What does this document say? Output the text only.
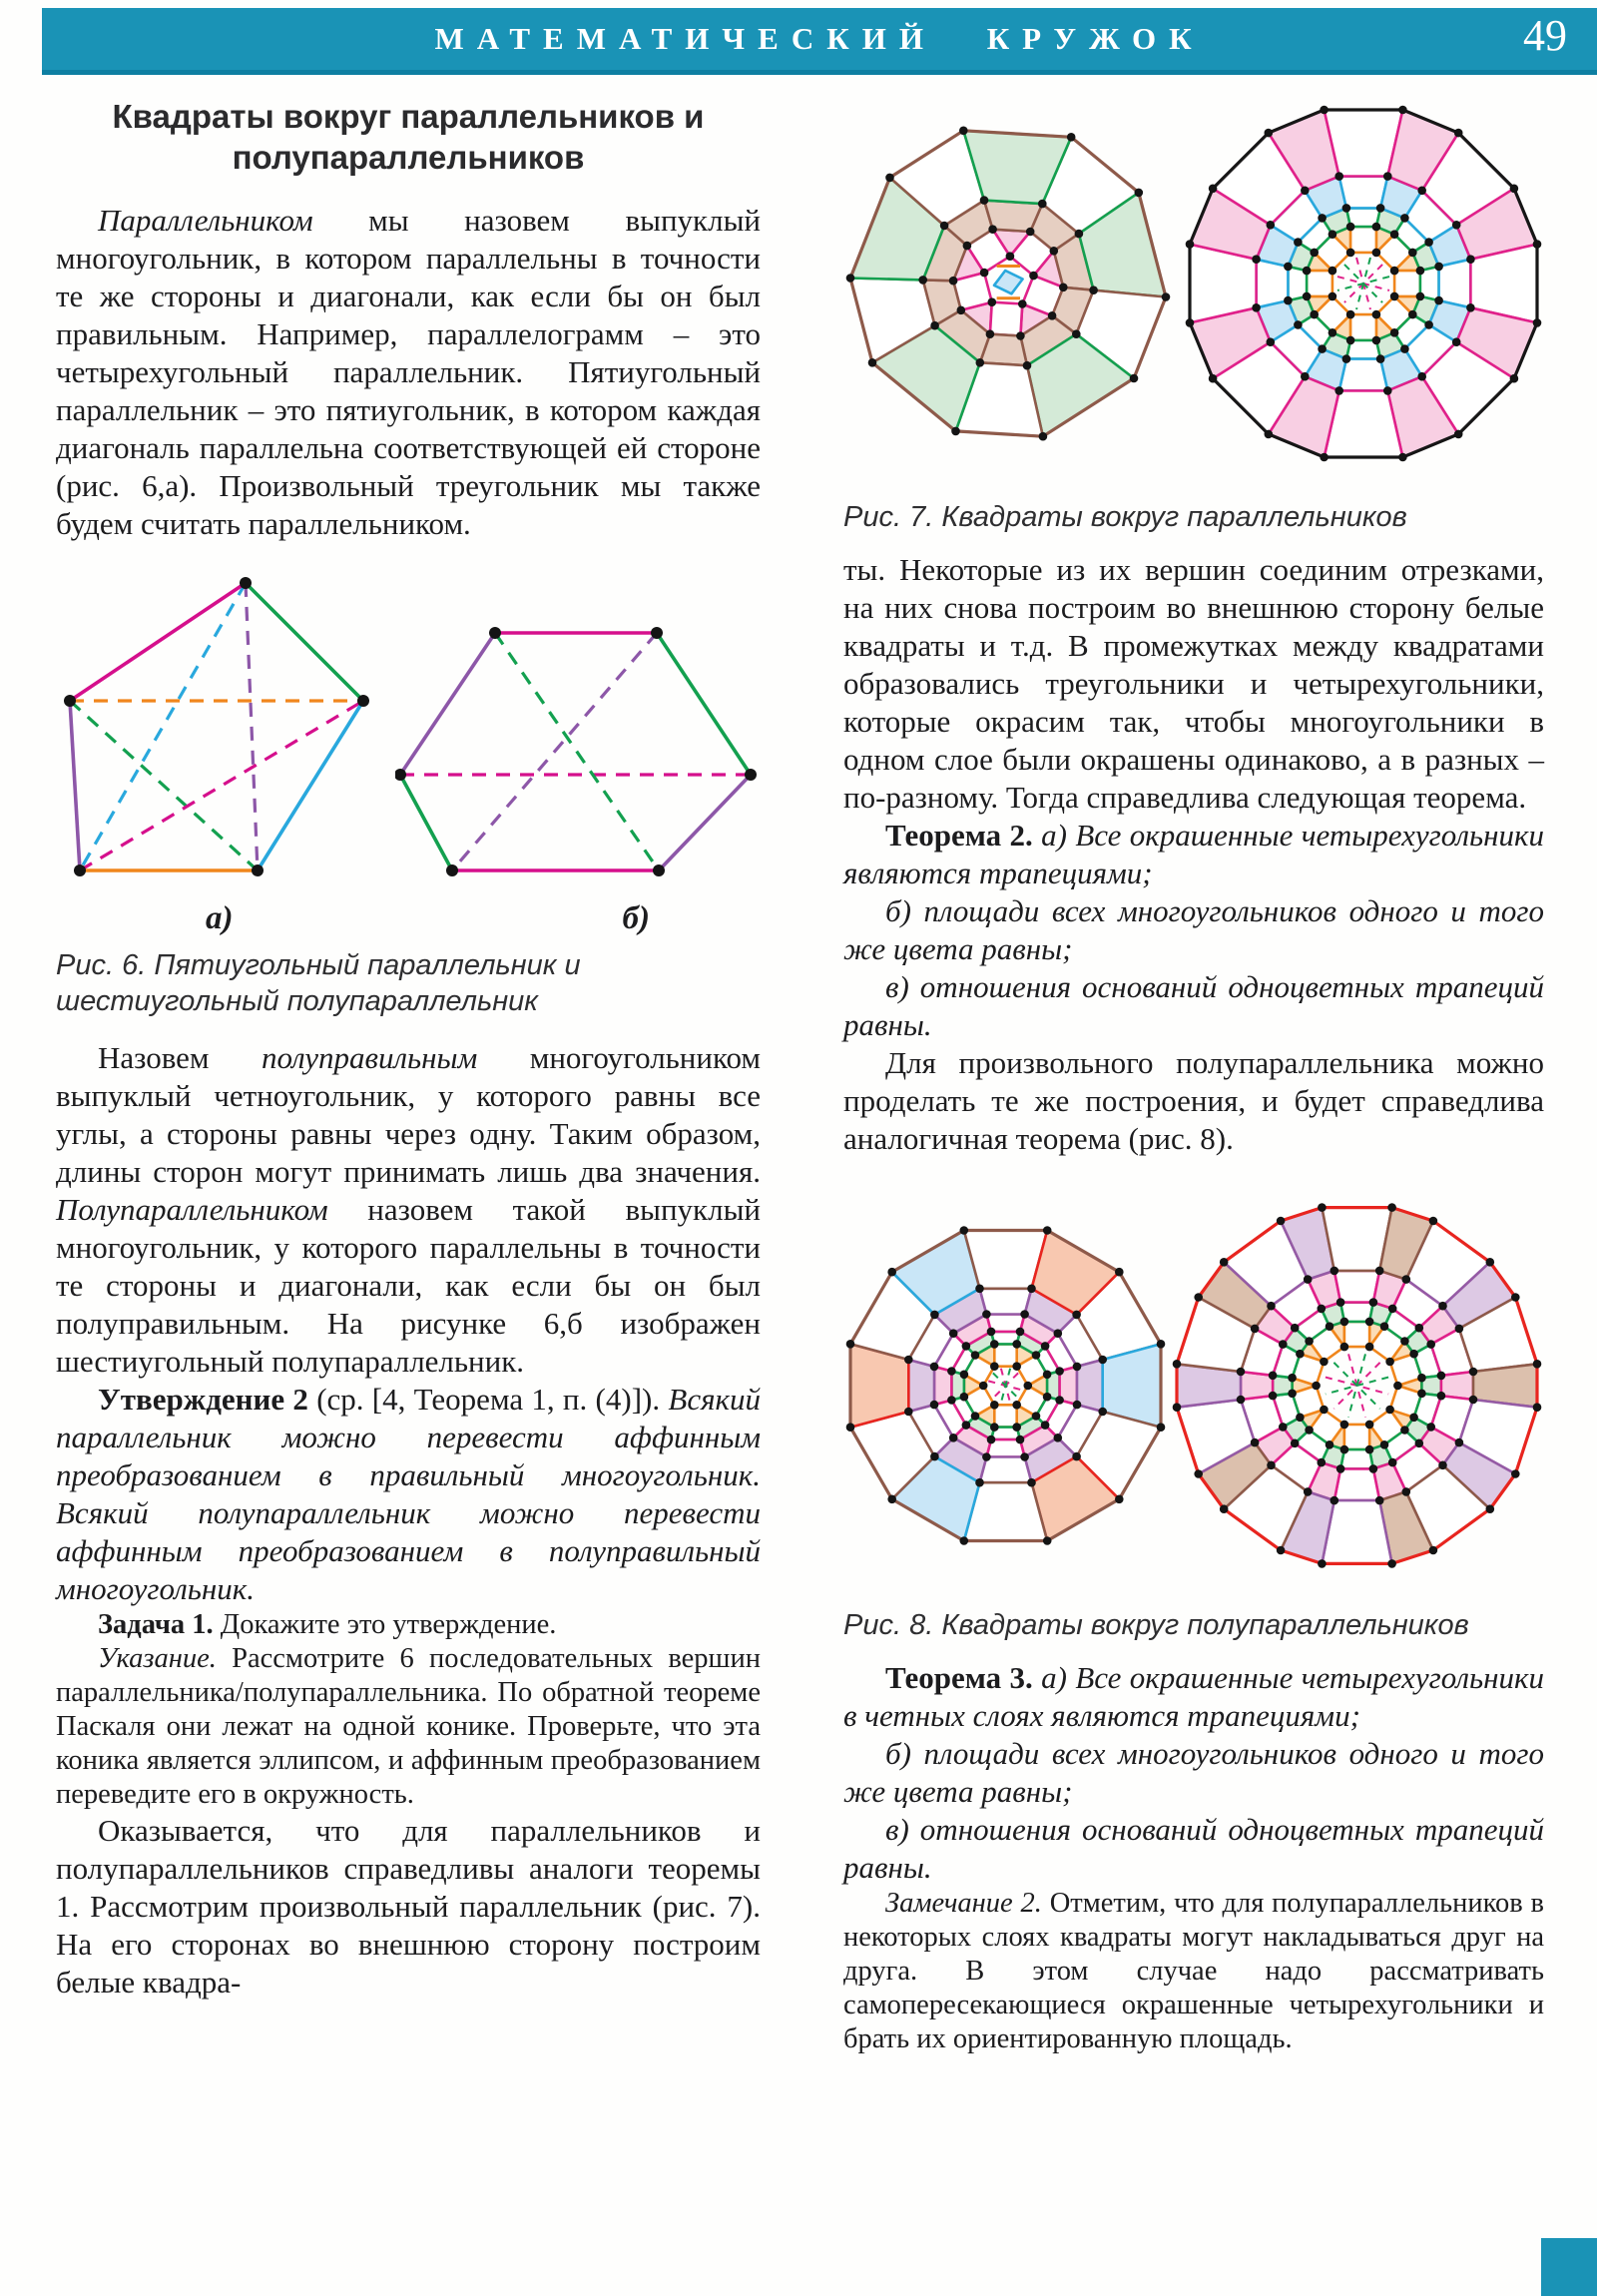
МАТЕМАТИЧЕСКИЙ КРУЖОК	49
Квадраты вокруг параллельников и полупараллельников

Параллельником мы назовем выпуклый многоугольник, в котором параллельны в точности те же стороны и диагонали, как если бы он был правильным. Например, параллелограмм – это четырехугольный параллельник. Пятиугольный параллельник – это пятиугольник, в котором каждая диагональ параллельна соответствующей ей стороне (рис. 6,а). Произвольный треугольник мы также будем считать параллельником.

а)	б)

Рис. 6. Пятиугольный параллельник и шестиугольный полупараллельник

Назовем полуправильным многоугольником выпуклый четноугольник, у которого равны все углы, а стороны равны через одну. Таким образом, длины сторон могут принимать лишь два значения. Полупараллельником назовем такой выпуклый многоугольник, у которого параллельны в точности те стороны и диагонали, как если бы он был полуправильным. На рисунке 6,б изображен шестиугольный полупараллельник.

Утверждение 2 (ср. [4, Теорема 1, п. (4)]). Всякий параллельник можно перевести аффинным преобразованием в правильный многоугольник. Всякий полупараллельник можно перевести аффинным преобразованием в полуправильный многоугольник.

Задача 1. Докажите это утверждение.

Указание. Рассмотрите 6 последовательных вершин параллельника/полупараллельника. По обратной теореме Паскаля они лежат на одной конике. Проверьте, что эта коника является эллипсом, и аффинным преобразованием переведите его в окружность.

Оказывается, что для параллельников и полупараллельников справедливы аналоги теоремы 1. Рассмотрим произвольный параллельник (рис. 7). На его сторонах во внешнюю сторону построим белые квадра-

Рис. 7. Квадраты вокруг параллельников

ты. Некоторые из их вершин соединим отрезками, на них снова построим во внешнюю сторону белые квадраты и т.д. В промежутках между квадратами образовались треугольники и четырехугольники, которые окрасим так, чтобы многоугольники в одном слое были окрашены одинаково, а в разных – по-разному. Тогда справедлива следующая теорема.

Теорема 2. а) Все окрашенные четырехугольники являются трапециями;

б) площади всех многоугольников одного и того же цвета равны;

в) отношения оснований одноцветных трапеций равны.

Для произвольного полупараллельника можно проделать те же построения, и будет справедлива аналогичная теорема (рис. 8).

Рис. 8. Квадраты вокруг полупараллельников

Теорема 3. а) Все окрашенные четырехугольники в четных слоях являются трапециями;

б) площади всех многоугольников одного и того же цвета равны;

в) отношения оснований одноцветных трапеций равны.

Замечание 2. Отметим, что для полупараллельников в некоторых слоях квадраты могут накладываться друг на друга. В этом случае надо рассматривать самопересекающиеся окрашенные четырехугольники и брать их ориентированную площадь.
